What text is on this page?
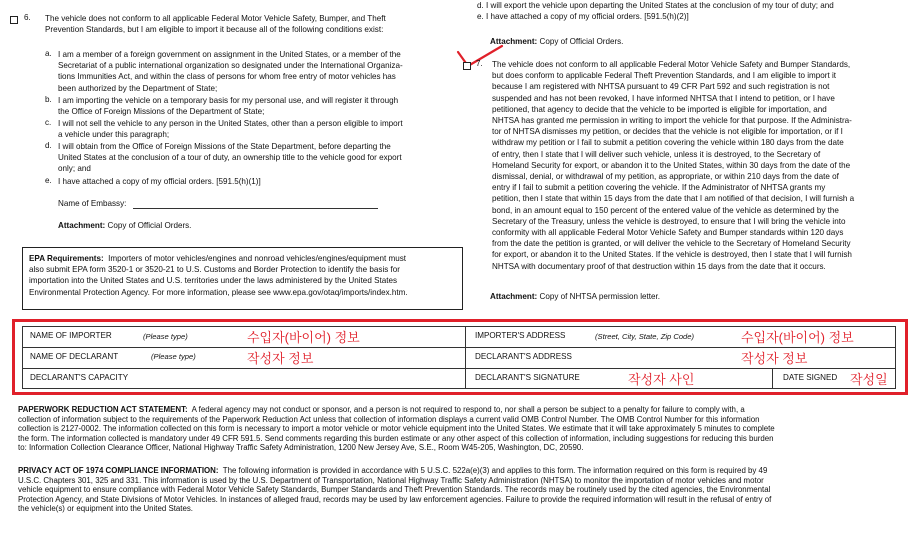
6. The vehicle does not conform to all applicable Federal Motor Vehicle Safety, Bumper, and Theft
Prevention Standards, but I am eligible to import it because all of the following conditions exist:
a. I am a member of a foreign government on assignment in the United States, or a member of the
Secretariat of a public international organization so designated under the International Organiza-
tions Immunities Act, and within the class of persons for whom free entry of motor vehicles has
been authorized by the Department of State;
b. I am importing the vehicle on a temporary basis for my personal use, and will register it through
the Office of Foreign Missions of the Department of State;
c. I will not sell the vehicle to any person in the United States, other than a person eligible to import
a vehicle under this paragraph;
d. I will obtain from the Office of Foreign Missions of the State Department, before departing the
United States at the conclusion of a tour of duty, an ownership title to the vehicle good for export
only; and
e. I have attached a copy of my official orders. [591.5(h)(1)]
Name of Embassy:
Attachment: Copy of Official Orders.
EPA Requirements: Importers of motor vehicles/engines and nonroad vehicles/engines/equipment must
also submit EPA form 3520-1 or 3520-21 to U.S. Customs and Border Protection to identify the basis for
importation into the United States and U.S. territories under the laws administered by the United States
Environmental Protection Agency. For more information, please see www.epa.gov/otaq/imports/index.htm.
d. I will export the vehicle upon departing the United States at the conclusion of my tour of duty; and
e. I have attached a copy of my official orders. [591.5(h)(2)]
Attachment: Copy of Official Orders.
7. The vehicle does not conform to all applicable Federal Motor Vehicle Safety and Bumper Standards,
but does conform to applicable Federal Theft Prevention Standards, and I am eligible to import it
because I am registered with NHTSA pursuant to 49 CFR Part 592 and such registration is not
suspended and has not been revoked, I have informed NHTSA that I intend to petition, or I have
petitioned, that agency to decide that the vehicle to be imported is eligible for importation, and
NHTSA has granted me permission in writing to import the vehicle for that purpose. If the Administra-
tor of NHTSA dismisses my petition, or decides that the vehicle is not eligible for importation, or if I
withdraw my petition or I fail to submit a petition covering the vehicle within 180 days from the date
of entry, then I state that I will deliver such vehicle, unless it is destroyed, to the Secretary of
Homeland Security for export, or abandon it to the United States, within 30 days from the date of the
dismissal, denial, or withdrawal of my petition, as appropriate, or within 210 days from the date of
entry if I fail to submit a petition covering the vehicle. If the Administrator of NHTSA grants my
petition, then I state that within 15 days from the date that I am notified of that decision, I will furnish a
bond, in an amount equal to 150 percent of the entered value of the vehicle as determined by the
Secretary of the Treasury, unless the vehicle is destroyed, to ensure that I will bring the vehicle into
conformity with all applicable Federal Motor Vehicle Safety and Bumper standards within 120 days
from the date the petition is granted, or will deliver the vehicle to the Secretary of Homeland Security
for export, or abandon it to the United States. If the vehicle is destroyed, then I state that I will furnish
NHTSA with documentary proof of that destruction within 15 days from the date that it occurs.
Attachment: Copy of NHTSA permission letter.
NAME OF IMPORTER	(Please type)	수입자(바이어) 정보	IMPORTER'S ADDRESS	(Street, City, State, Zip Code)	수입자(바이어) 정보
NAME OF DECLARANT	(Please type)	작성자 정보	DECLARANT'S ADDRESS	작성자 정보
DECLARANT'S CAPACITY	DECLARANT'S SIGNATURE	작성자 사인	DATE SIGNED 작성일
PAPERWORK REDUCTION ACT STATEMENT: A federal agency may not conduct or sponsor, and a person is not required to respond to, nor shall a person be subject to a penalty for failure to comply with, a
collection of information subject to the requirements of the Paperwork Reduction Act unless that collection of information displays a current valid OMB Control Number. The OMB Control Number for this information
collection is 2127-0002. The information collected on this form is necessary to import a motor vehicle or motor vehicle equipment into the United States. We estimate that it will take approximately 5 minutes to complete
the form. The information collected is mandatory under 49 CFR 591.5. Send comments regarding this burden estimate or any other aspect of this collection of information, including suggestions for reducing this burden
to: Information Collection Clearance Officer, National Highway Traffic Safety Administration, 1200 New Jersey Ave, S.E., Room W45-205, Washington, DC, 20590.
PRIVACY ACT OF 1974 COMPLIANCE INFORMATION: The following information is provided in accordance with 5 U.S.C. 522a(e)(3) and applies to this form. The information required on this form is required by 49
U.S.C. Chapters 301, 325 and 331. This information is used by the U.S. Department of Transportation, National Highway Traffic Safety Administration (NHTSA) to monitor the importation of motor vehicles and motor
vehicle equipment to ensure compliance with Federal Motor Vehicle Safety Standards, Bumper Standards and Theft Prevention Standards. The records may be routinely used by the cited agencies, the Environmental
Protection Agency, and State Divisions of Motor Vehicles. In instances of alleged fraud, records may be used by law enforcement agencies. Failure to provide the required information will result in the refusal of entry of
the vehicle(s) or equipment into the United States.
